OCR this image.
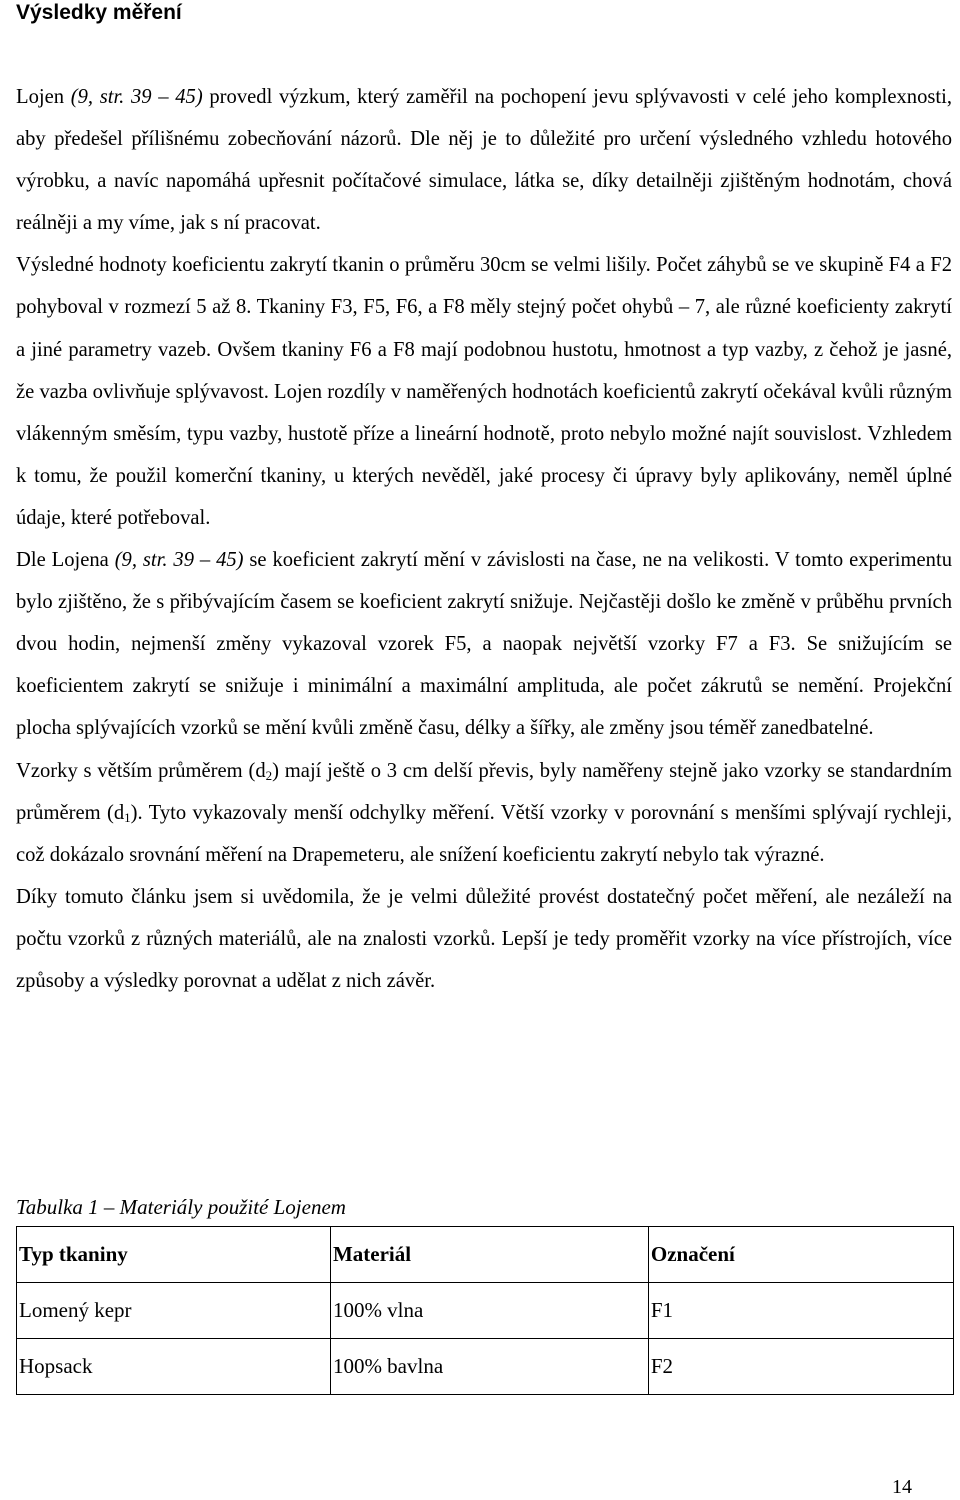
Výsledky měření

Lojen (9, str. 39 – 45) provedl výzkum, který zaměřil na pochopení jevu splývavosti v celé jeho komplexnosti, aby předešel přílišnému zobecňování názorů. Dle něj je to důležité pro určení výsledného vzhledu hotového výrobku, a navíc napomáhá upřesnit počítačové simulace, látka se, díky detailněji zjištěným hodnotám, chová reálněji a my víme, jak s ní pracovat.

Výsledné hodnoty koeficientu zakrytí tkanin o průměru 30cm se velmi lišily. Počet záhybů se ve skupině F4 a F2 pohyboval v rozmezí 5 až 8. Tkaniny F3, F5, F6, a F8 měly stejný počet ohybů – 7, ale různé koeficienty zakrytí a jiné parametry vazeb. Ovšem tkaniny F6 a F8 mají podobnou hustotu, hmotnost a typ vazby, z čehož je jasné, že vazba ovlivňuje splývavost. Lojen rozdíly v naměřených hodnotách koeficientů zakrytí očekával kvůli různým vlákenným směsím, typu vazby, hustotě příze a lineární hodnotě, proto nebylo možné najít souvislost. Vzhledem k tomu, že použil komerční tkaniny, u kterých nevěděl, jaké procesy či úpravy byly aplikovány, neměl úplné údaje, které potřeboval.

Dle Lojena (9, str. 39 – 45) se koeficient zakrytí mění v závislosti na čase, ne na velikosti. V tomto experimentu bylo zjištěno, že s přibývajícím časem se koeficient zakrytí snižuje. Nejčastěji došlo ke změně v průběhu prvních dvou hodin, nejmenší změny vykazoval vzorek F5, a naopak největší vzorky F7 a F3. Se snižujícím se koeficientem zakrytí se snižuje i minimální a maximální amplituda, ale počet zákrutů se nemění. Projekční plocha splývajících vzorků se mění kvůli změně času, délky a šířky, ale změny jsou téměř zanedbatelné.

Vzorky s větším průměrem $(d_2)$ mají ještě o 3 cm delší převis, byly naměřeny stejně jako vzorky se standardním průměrem $(d_1)$. Tyto vykazovaly menší odchylky měření. Větší vzorky v porovnání s menšími splývají rychleji, což dokázalo srovnání měření na Drapemeteru, ale snížení koeficientu zakrytí nebylo tak výrazné.

Díky tomuto článku jsem si uvědomila, že je velmi důležité provést dostatečný počet měření, ale nezáleží na počtu vzorků z různých materiálů, ale na znalosti vzorků. Lepší je tedy proměřit vzorky na více přístrojích, více způsoby a výsledky porovnat a udělat z nich závěr.

Tabulka 1 – Materiály použité Lojenem
Typ tkaniny	Materiál	Označení
Lomený kepr	100% vlna	F1
Hopsack	100% bavlna	F2
14
